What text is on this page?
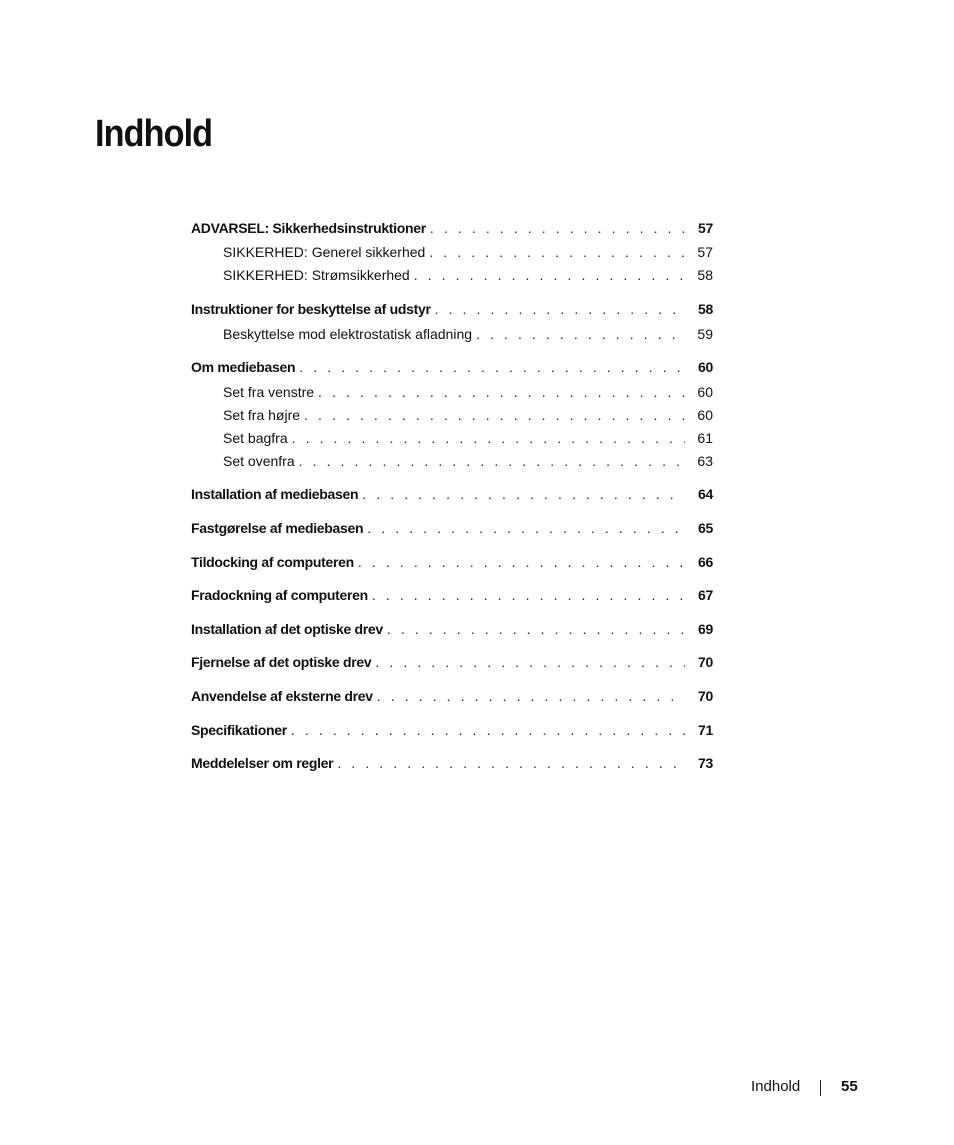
Indhold
ADVARSEL: Sikkerhedsinstruktioner . . .	57
SIKKERHED: Generel sikkerhed . . .	57
SIKKERHED: Strømsikkerhed . . .	58
Instruktioner for beskyttelse af udstyr . . .	58
Beskyttelse mod elektrostatisk afladning . . .	59
Om mediebasen . . .	60
Set fra venstre . . .	60
Set fra højre . . .	60
Set bagfra . . .	61
Set ovenfra . . .	63
Installation af mediebasen . . .	64
Fastgørelse af mediebasen . . .	65
Tildocking af computeren . . .	66
Fradockning af computeren . . .	67
Installation af det optiske drev . . .	69
Fjernelse af det optiske drev . . .	70
Anvendelse af eksterne drev . . .	70
Specifikationer . . .	71
Meddelelser om regler . . .	73
Indhold	55
